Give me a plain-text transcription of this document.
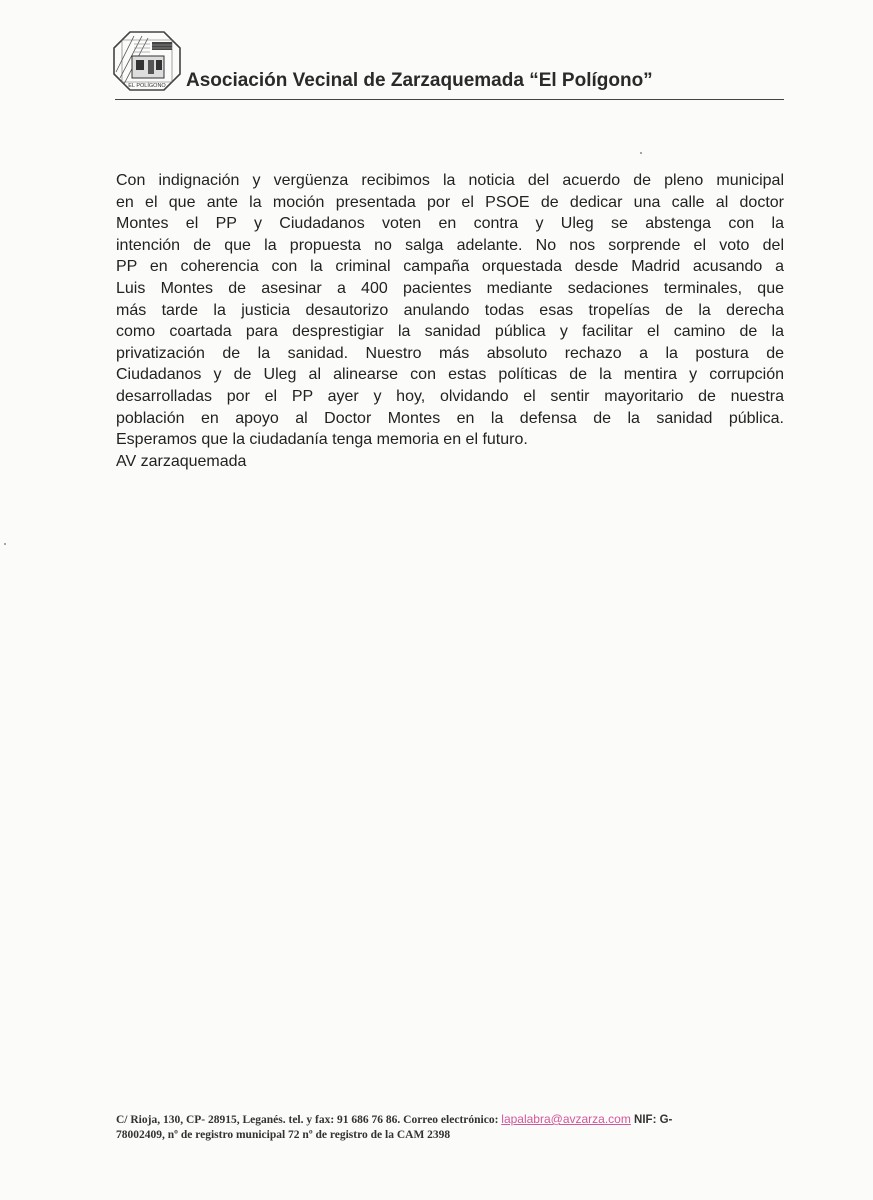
EL POLÍGONO Asociación Vecinal de Zarzaquemada “El Polígono”
Con indignación y vergüenza recibimos la noticia del acuerdo de pleno municipal
en el que ante la moción presentada por el PSOE de dedicar una calle al doctor
Montes el PP y Ciudadanos voten en contra y Uleg se abstenga con la
intención de que la propuesta no salga adelante. No nos sorprende el voto del
PP en coherencia con la criminal campaña orquestada desde Madrid acusando a
Luis Montes de asesinar a 400 pacientes mediante sedaciones terminales, que
más tarde la justicia desautorizo anulando todas esas tropelías de la derecha
como coartada para desprestigiar la sanidad pública y facilitar el camino de la
privatización de la sanidad. Nuestro más absoluto rechazo a la postura de
Ciudadanos y de Uleg al alinearse con estas políticas de la mentira y corrupción
desarrolladas por el PP ayer y hoy, olvidando el sentir mayoritario de nuestra
población en apoyo al Doctor Montes en la defensa de la sanidad pública.
Esperamos que la ciudadanía tenga memoria en el futuro.
AV zarzaquemada
C/ Rioja, 130, CP- 28915, Leganés. tel. y fax: 91 686 76 86. Correo electrónico: lapalabra@avzarza.com NIF: G-
78002409, nº de registro municipal 72 nº de registro de la CAM 2398
